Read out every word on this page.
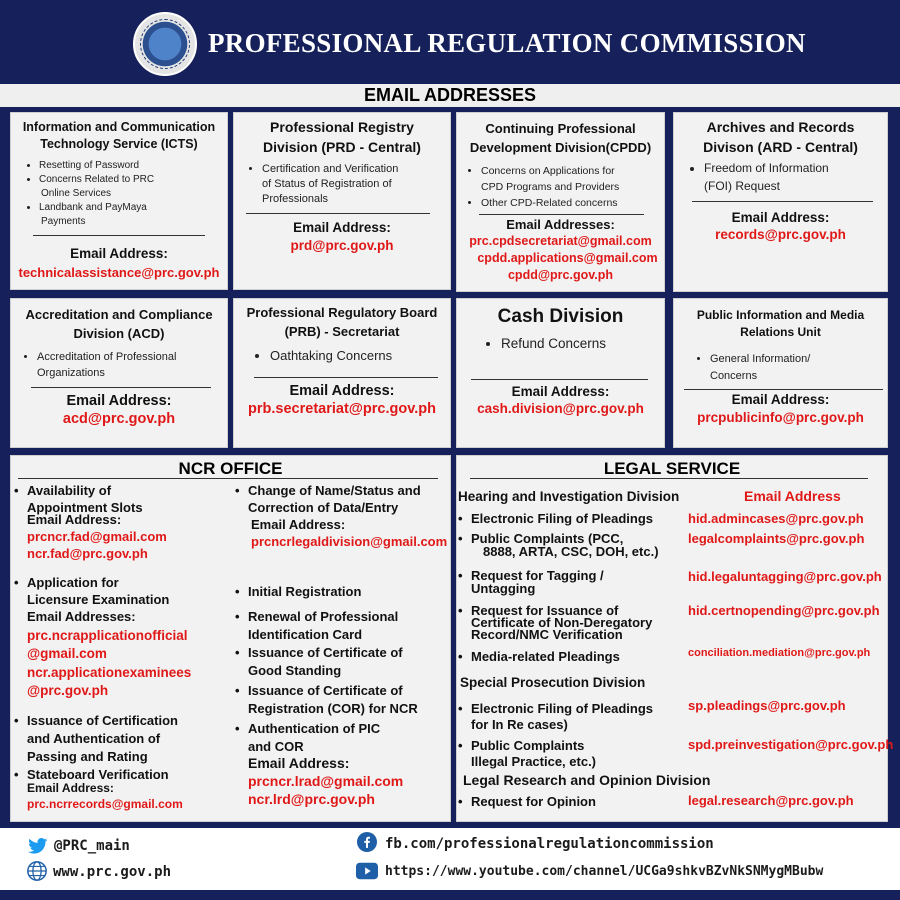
PROFESSIONAL REGULATION COMMISSION
EMAIL ADDRESSES
Information and Communication
Technology Service (ICTS)
• Resetting of Password
• Concerns Related to PRC
Online Services
• Landbank and PayMaya
Payments
Email Address:
technicalassistance@prc.gov.ph
Professional Registry
Division (PRD - Central)
• Certification and Verification
of Status of Registration of
Professionals
Email Address:
prd@prc.gov.ph
Continuing Professional
Development Division(CPDD)
• Concerns on Applications for
CPD Programs and Providers
• Other CPD-Related concerns
Email Addresses:
prc.cpdsecretariat@gmail.com
cpdd.applications@gmail.com
cpdd@prc.gov.ph
Archives and Records
Divison (ARD - Central)
• Freedom of Information
(FOI) Request
Email Address:
records@prc.gov.ph
Accreditation and Compliance
Division (ACD)
• Accreditation of Professional
Organizations
Email Address:
acd@prc.gov.ph
Professional Regulatory Board
(PRB) - Secretariat
• Oathtaking Concerns
Email Address:
prb.secretariat@prc.gov.ph
Cash Division
• Refund Concerns
Email Address:
cash.division@prc.gov.ph
Public Information and Media
Relations Unit
• General Information/
Concerns
Email Address:
prcpublicinfo@prc.gov.ph
NCR OFFICE
• Availability of
Appointment Slots
Email Address:
prcncr.fad@gmail.com
ncr.fad@prc.gov.ph
• Change of Name/Status and
Correction of Data/Entry
Email Address:
prcncrlegaldivision@gmail.com
• Application for
Licensure Examination
Email Addresses:
prc.ncrapplicationofficial
@gmail.com
ncr.applicationexaminees
@prc.gov.ph
• Initial Registration
• Renewal of Professional
Identification Card
• Issuance of Certificate of
Good Standing
• Issuance of Certificate of
Registration (COR) for NCR
• Authentication of PIC
and COR
Email Address:
prcncr.lrad@gmail.com
ncr.lrd@prc.gov.ph
• Issuance of Certification
and Authentication of
Passing and Rating
• Stateboard Verification
Email Address:
prc.ncrrecords@gmail.com
LEGAL SERVICE
Hearing and Investigation Division	Email Address
• Electronic Filing of Pleadings	hid.admincases@prc.gov.ph
• Public Complaints (PCC,
8888, ARTA, CSC, DOH, etc.)
legalcomplaints@prc.gov.ph
• Request for Tagging /
Untagging
hid.legaluntagging@prc.gov.ph
• Request for Issuance of
Certificate of Non-Deregatory
Record/NMC Verification
hid.certnopending@prc.gov.ph
• Media-related Pleadings	conciliation.mediation@prc.gov.ph
Special Prosecution Division
• Electronic Filing of Pleadings
for In Re cases)
sp.pleadings@prc.gov.ph
• Public Complaints
Illegal Practice, etc.)
spd.preinvestigation@prc.gov.ph
Legal Research and Opinion Division
• Request for Opinion	legal.research@prc.gov.ph
@PRC_main
www.prc.gov.ph
fb.com/professionalregulationcommission
https://www.youtube.com/channel/UCGa9shkvBZvNkSNMygMBubw
